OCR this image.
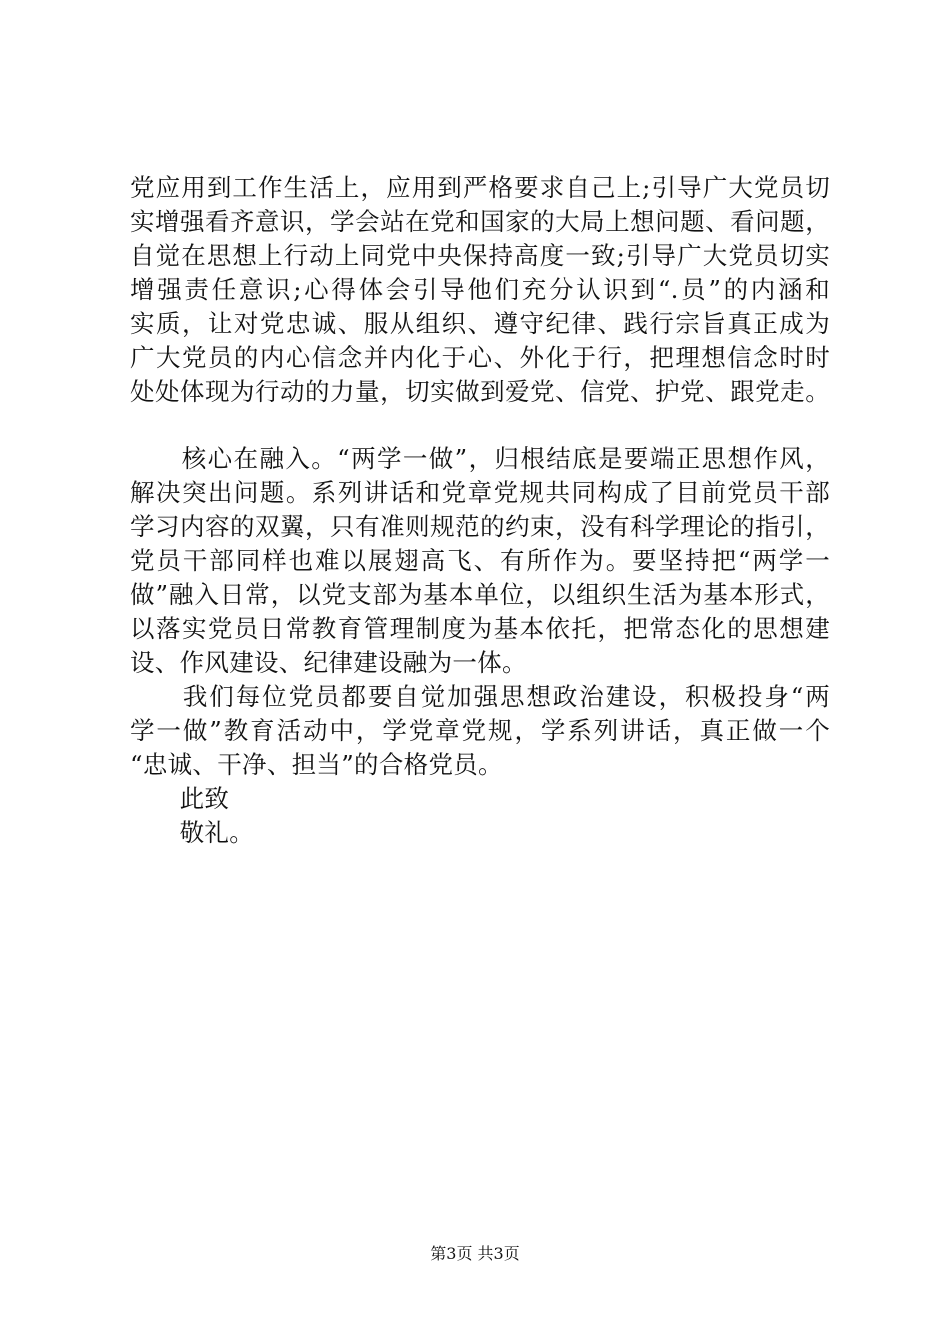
党应用到工作生活上，应用到严格要求自己上;引导广大党员切
实增强看齐意识，学会站在党和国家的大局上想问题、看问题，
自觉在思想上行动上同党中央保持高度一致;引导广大党员切实
增强责任意识;心得体会引导他们充分认识到“.员”的内涵和
实质，让对党忠诚、服从组织、遵守纪律、践行宗旨真正成为
广大党员的内心信念并内化于心、外化于行，把理想信念时时
处处体现为行动的力量，切实做到爱党、信党、护党、跟党走。
　　核心在融入。“两学一做”，归根结底是要端正思想作风，
解决突出问题。系列讲话和党章党规共同构成了目前党员干部
学习内容的双翼，只有准则规范的约束，没有科学理论的指引，
党员干部同样也难以展翅高飞、有所作为。要坚持把“两学一
做”融入日常，以党支部为基本单位，以组织生活为基本形式，
以落实党员日常教育管理制度为基本依托，把常态化的思想建
设、作风建设、纪律建设融为一体。
　　我们每位党员都要自觉加强思想政治建设，积极投身“两
学一做”教育活动中，学党章党规，学系列讲话，真正做一个
“忠诚、干净、担当”的合格党员。
　　此致
　　敬礼。
第3页 共3页
